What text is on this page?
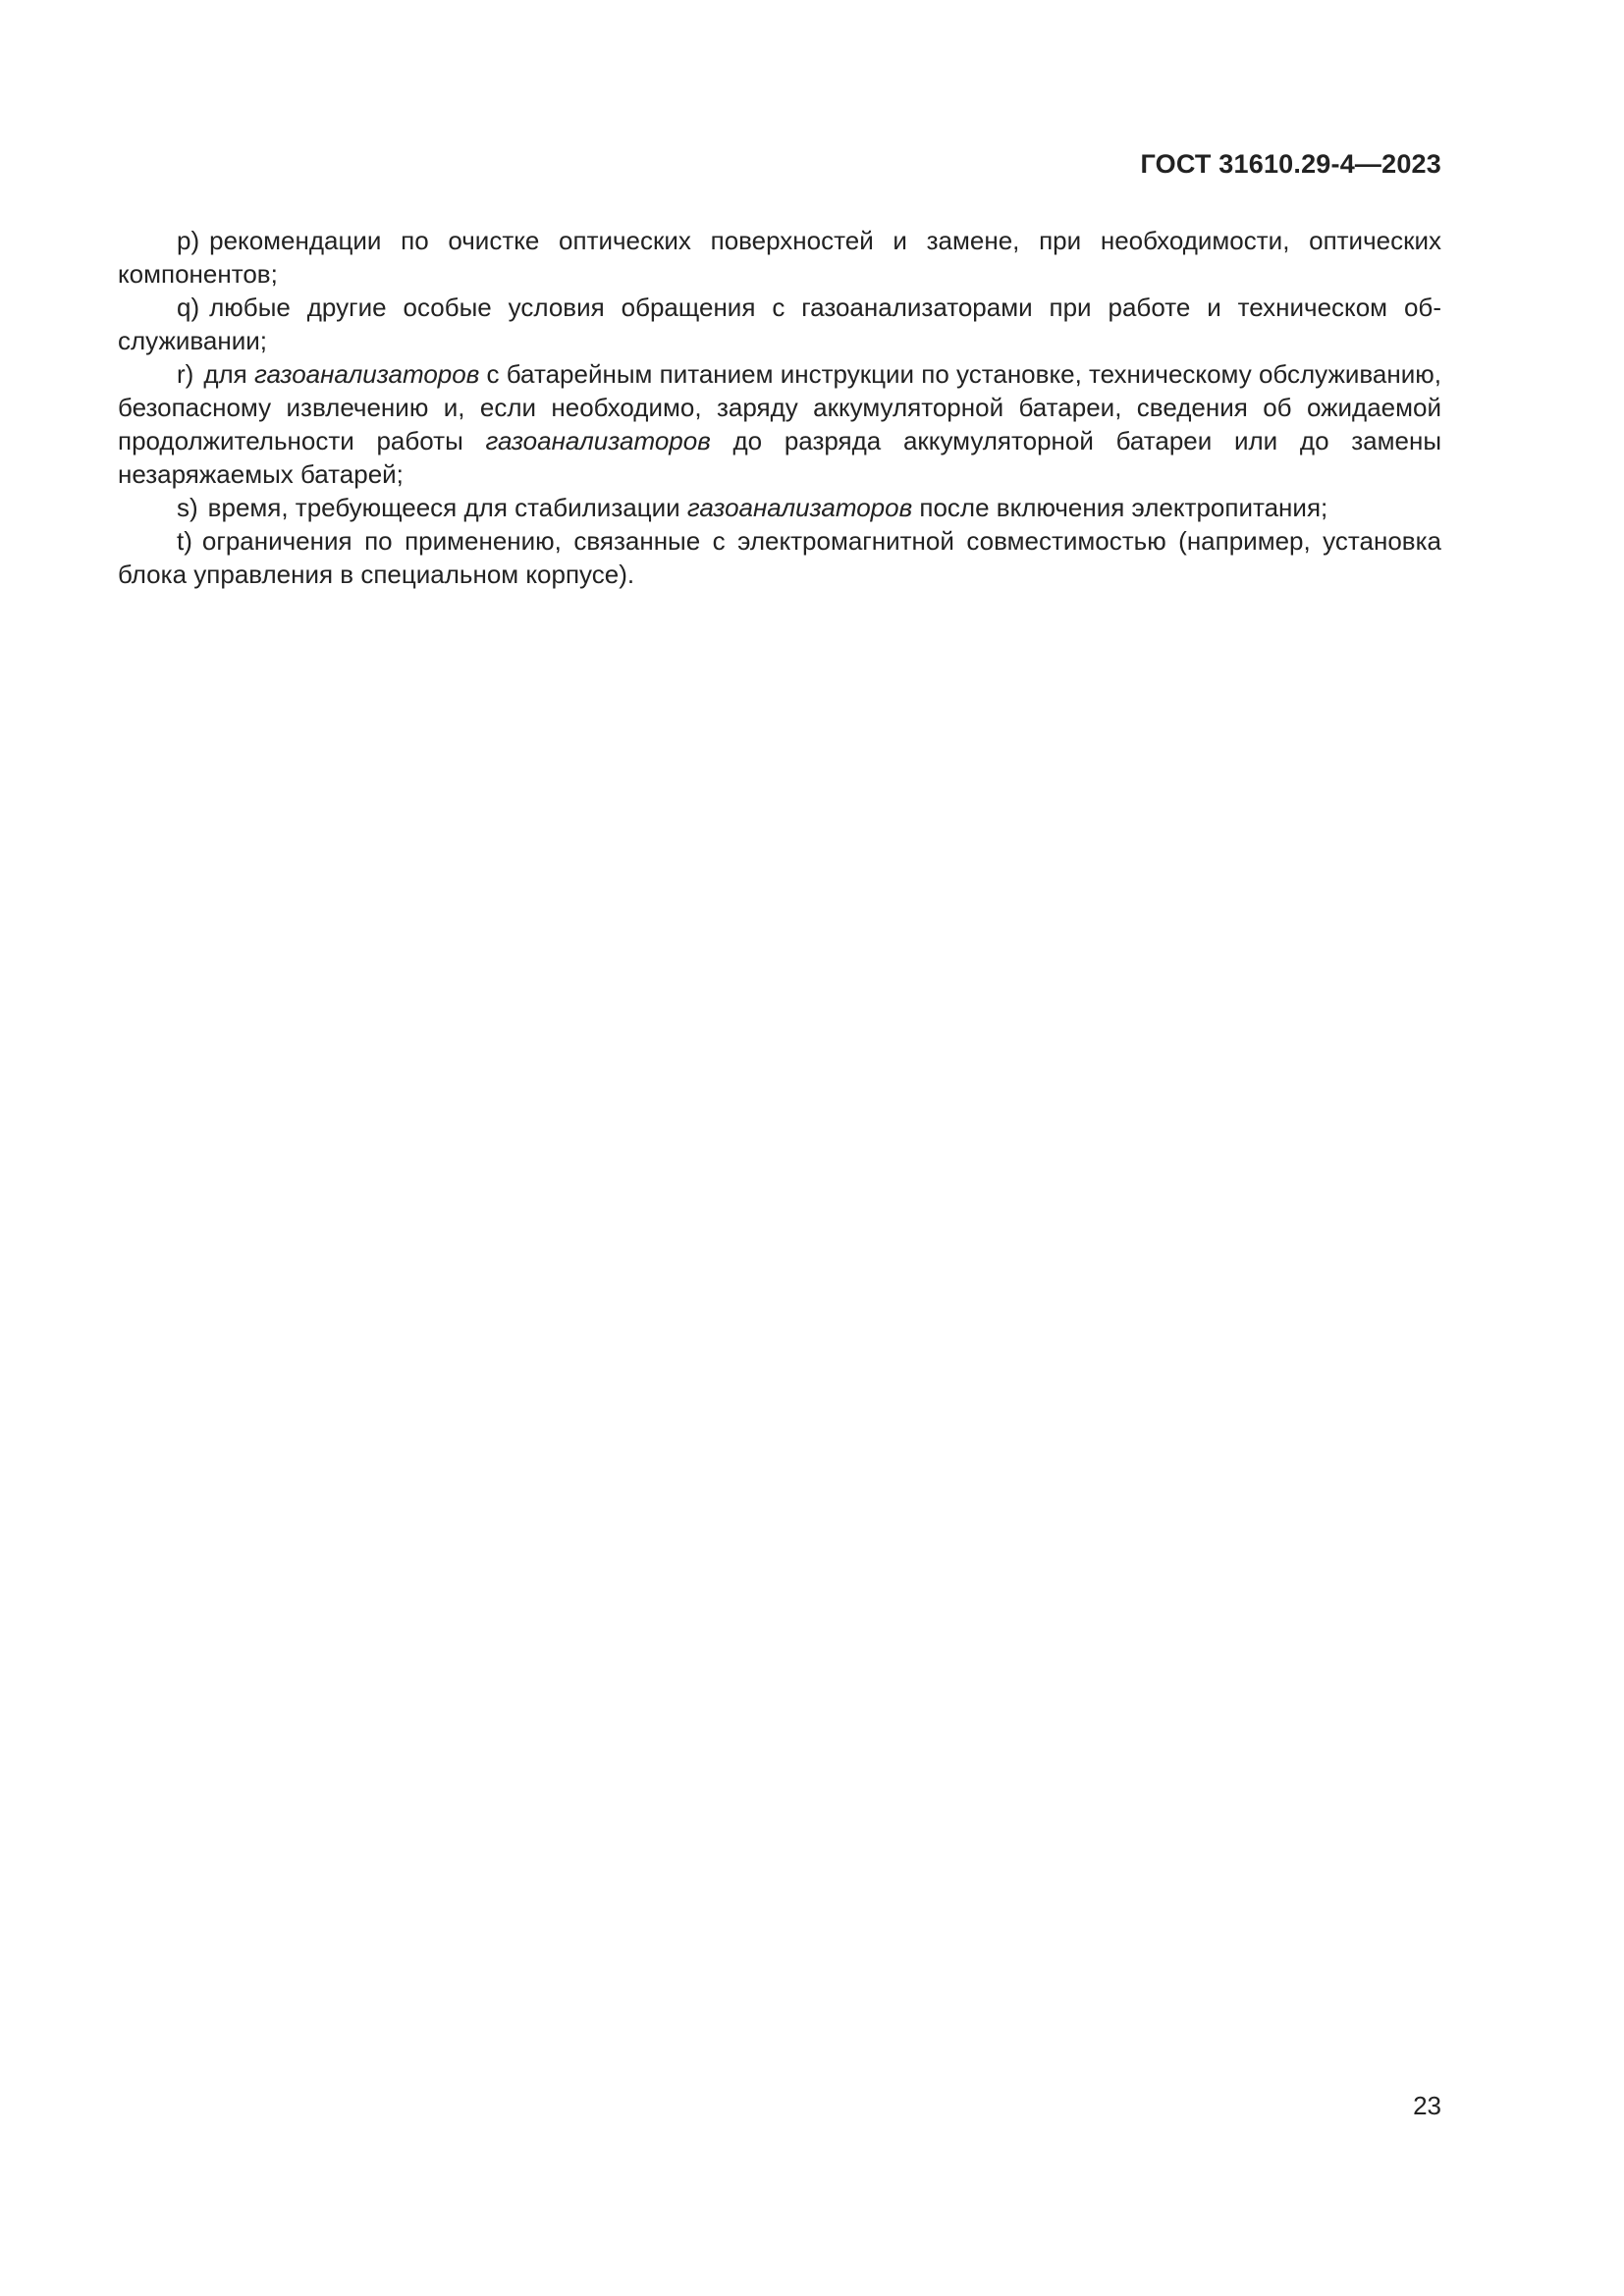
ГОСТ 31610.29-4—2023

p) рекомендации по очистке оптических поверхностей и замене, при необходимости, оптических компонентов;

q) любые другие особые условия обращения с газоанализаторами при работе и техническом обслуживании;

r) для газоанализаторов с батарейным питанием инструкции по установке, техническому обслуживанию, безопасному извлечению и, если необходимо, заряду аккумуляторной батареи, сведения об ожидаемой продолжительности работы газоанализаторов до разряда аккумуляторной батареи или до замены незаряжаемых батарей;

s) время, требующееся для стабилизации газоанализаторов после включения электропитания;

t) ограничения по применению, связанные с электромагнитной совместимостью (например, установка блока управления в специальном корпусе).

23
